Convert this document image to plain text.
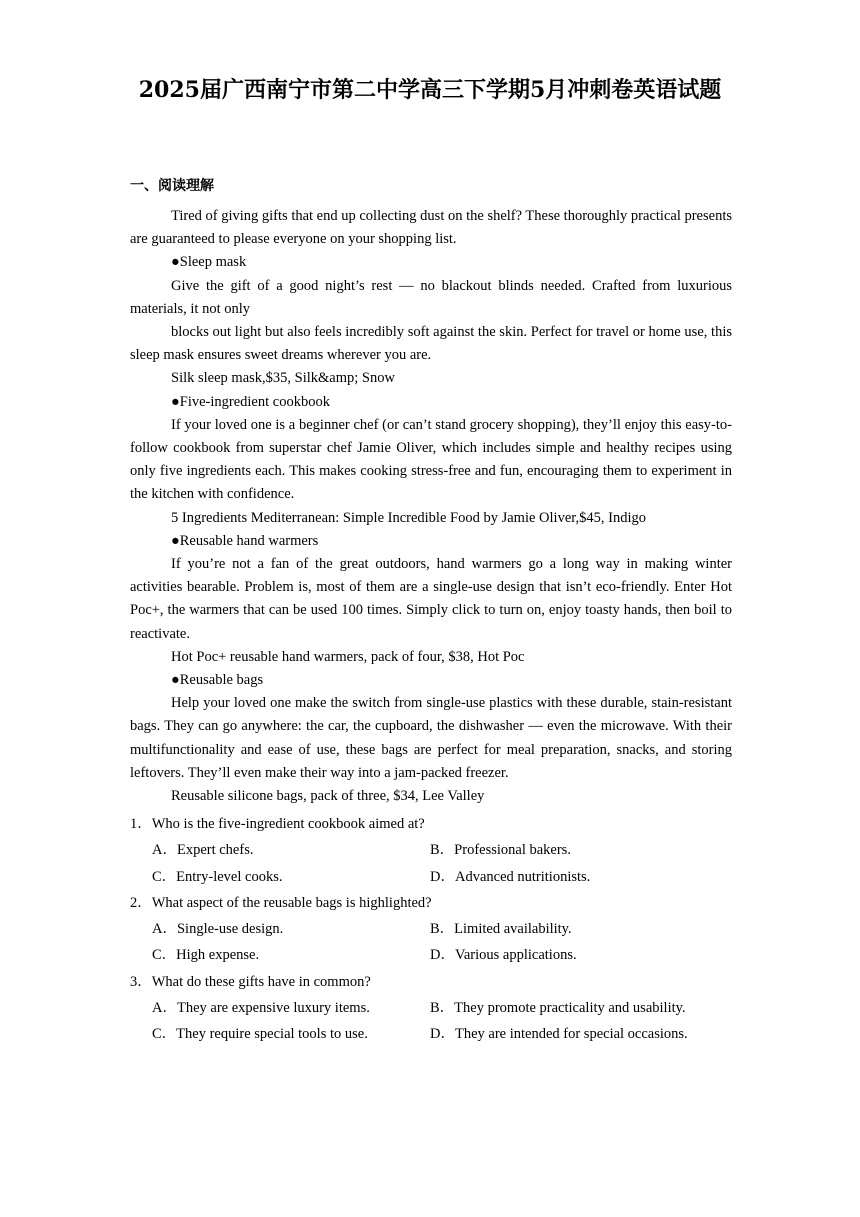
2025届广西南宁市第二中学高三下学期5月冲刺卷英语试题
一、阅读理解

Tired of giving gifts that end up collecting dust on the shelf? These thoroughly practical presents are guaranteed to please everyone on your shopping list.

●Sleep mask

Give the gift of a good night’s rest — no blackout blinds needed. Crafted from luxurious materials, it not only

blocks out light but also feels incredibly soft against the skin. Perfect for travel or home use, this sleep mask ensures sweet dreams wherever you are.

Silk sleep mask,$35, Silk&amp; Snow

●Five-ingredient cookbook

If your loved one is a beginner chef (or can’t stand grocery shopping), they’ll enjoy this easy-to-follow cookbook from superstar chef Jamie Oliver, which includes simple and healthy recipes using only five ingredients each. This makes cooking stress-free and fun, encouraging them to experiment in the kitchen with confidence.

5 Ingredients Mediterranean: Simple Incredible Food by Jamie Oliver,$45, Indigo

●Reusable hand warmers

If you’re not a fan of the great outdoors, hand warmers go a long way in making winter activities bearable. Problem is, most of them are a single-use design that isn’t eco-friendly. Enter Hot Poc+, the warmers that can be used 100 times. Simply click to turn on, enjoy toasty hands, then boil to reactivate.

Hot Poc+ reusable hand warmers, pack of four, $38, Hot Poc

●Reusable bags

Help your loved one make the switch from single-use plastics with these durable, stain-resistant bags. They can go anywhere: the car, the cupboard, the dishwasher — even the microwave. With their multifunctionality and ease of use, these bags are perfect for meal preparation, snacks, and storing leftovers. They’ll even make their way into a jam-packed freezer.

Reusable silicone bags, pack of three, $34, Lee Valley

1．Who is the five-ingredient cookbook aimed at?
A．Expert chefs.	B．Professional bakers.
C．Entry-level cooks.	D．Advanced nutritionists.
2．What aspect of the reusable bags is highlighted?
A．Single-use design.	B．Limited availability.
C．High expense.	D．Various applications.
3．What do these gifts have in common?
A．They are expensive luxury items.	B．They promote practicality and usability.
C．They require special tools to use.	D．They are intended for special occasions.
